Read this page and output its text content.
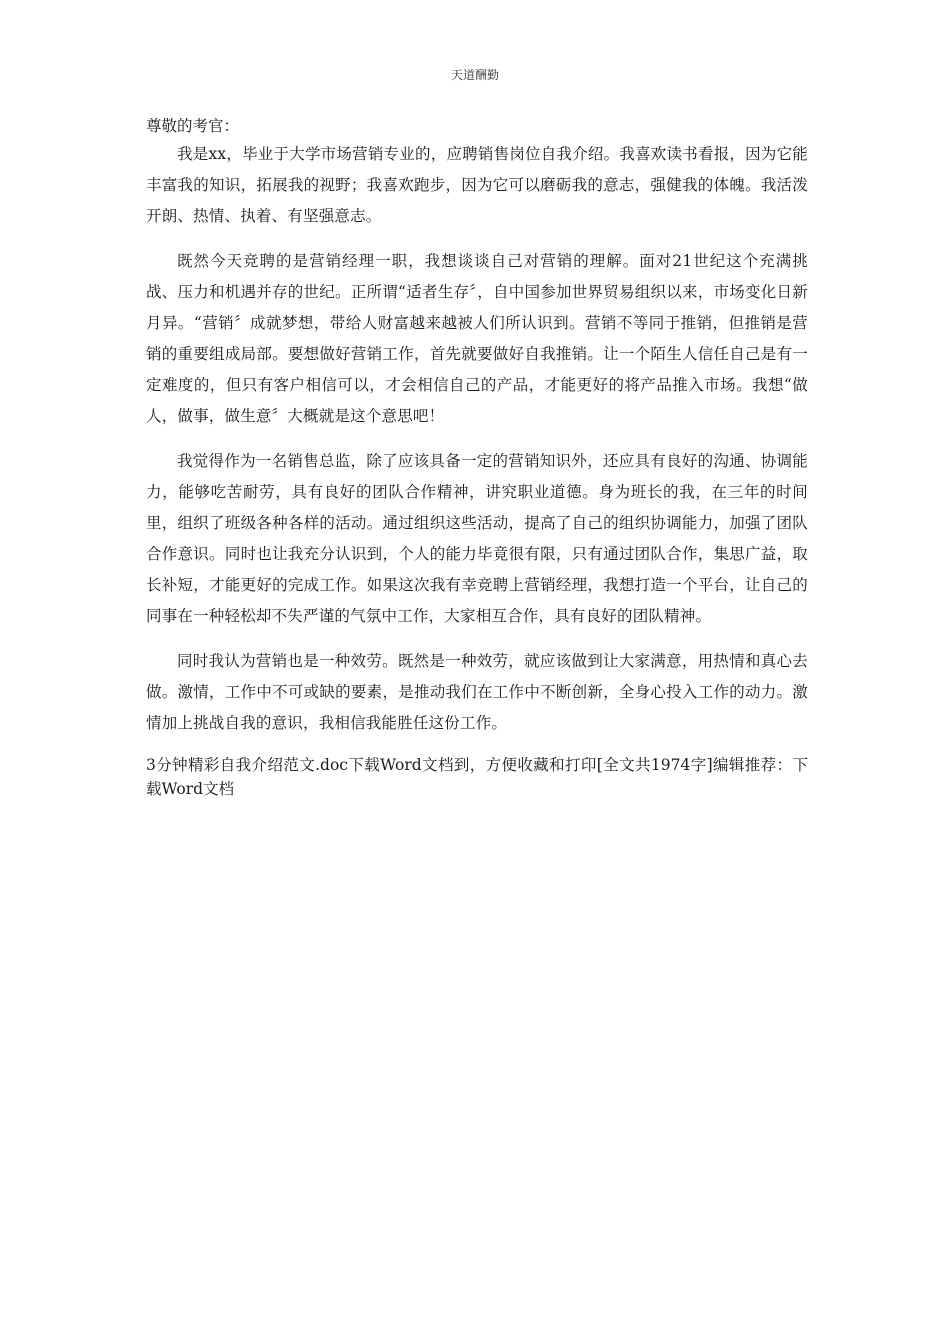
天道酬勤

尊敬的考官：

我是xx，毕业于大学市场营销专业的，应聘销售岗位自我介绍。我喜欢读书看报，因为它能丰富我的知识，拓展我的视野；我喜欢跑步，因为它可以磨砺我的意志，强健我的体魄。我活泼开朗、热情、执着、有坚强意志。

既然今天竞聘的是营销经理一职，我想谈谈自己对营销的理解。面对21世纪这个充满挑战、压力和机遇并存的世纪。正所谓“适者生存〞，自中国参加世界贸易组织以来，市场变化日新月异。“营销〞成就梦想，带给人财富越来越被人们所认识到。营销不等同于推销，但推销是营销的重要组成局部。要想做好营销工作，首先就要做好自我推销。让一个陌生人信任自己是有一定难度的，但只有客户相信可以，才会相信自己的产品，才能更好的将产品推入市场。我想“做人，做事，做生意〞大概就是这个意思吧！

我觉得作为一名销售总监，除了应该具备一定的营销知识外，还应具有良好的沟通、协调能力，能够吃苦耐劳，具有良好的团队合作精神，讲究职业道德。身为班长的我，在三年的时间里，组织了班级各种各样的活动。通过组织这些活动，提高了自己的组织协调能力，加强了团队合作意识。同时也让我充分认识到，个人的能力毕竟很有限，只有通过团队合作，集思广益，取长补短，才能更好的完成工作。如果这次我有幸竞聘上营销经理，我想打造一个平台，让自己的同事在一种轻松却不失严谨的气氛中工作，大家相互合作，具有良好的团队精神。

同时我认为营销也是一种效劳。既然是一种效劳，就应该做到让大家满意，用热情和真心去做。激情，工作中不可或缺的要素，是推动我们在工作中不断创新，全身心投入工作的动力。激情加上挑战自我的意识，我相信我能胜任这份工作。

3分钟精彩自我介绍范文.doc下载Word文档到，方便收藏和打印[全文共1974字]编辑推荐：下载Word文档
